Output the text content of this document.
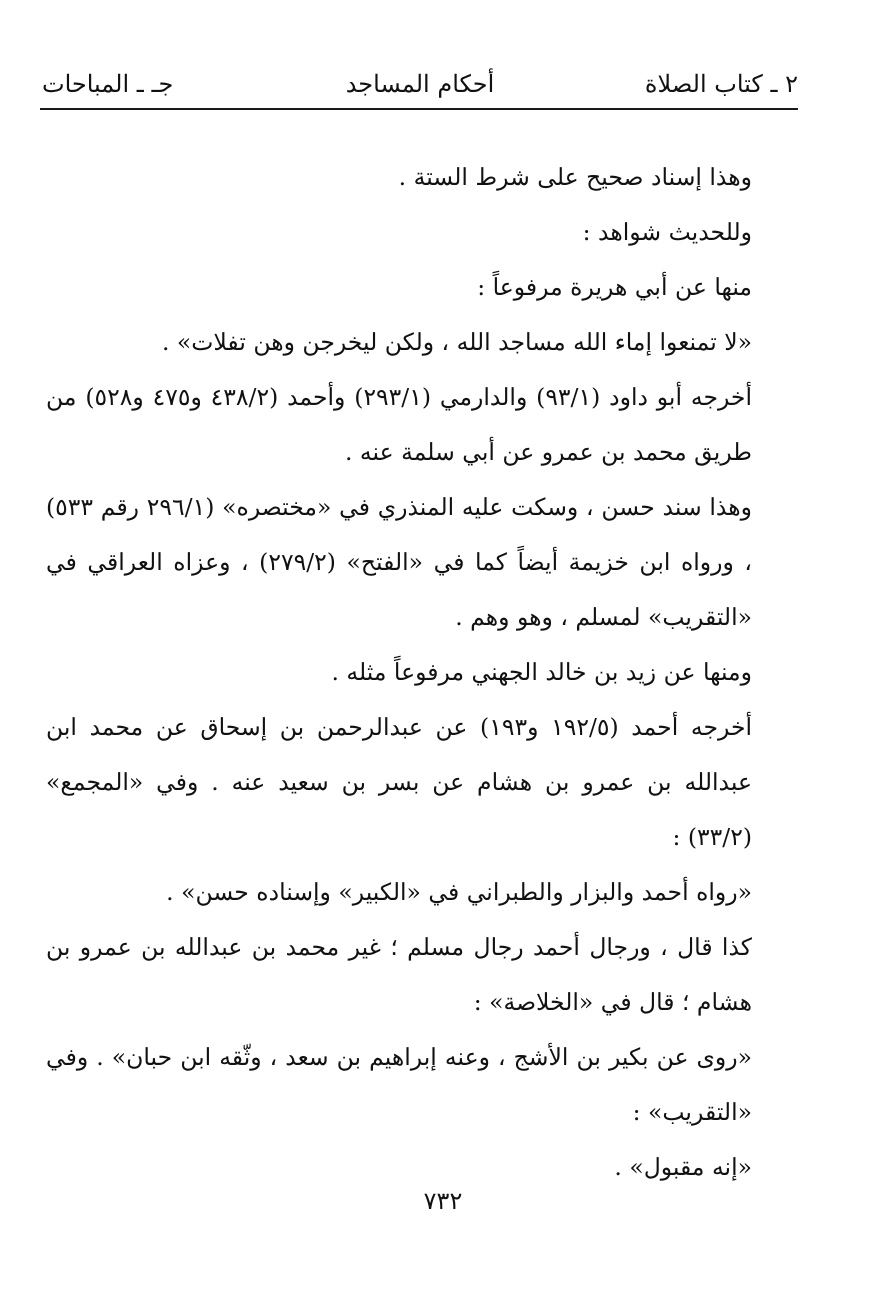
٢ ـ كتاب الصلاة
أحكام المساجد
جـ ـ المباحات

وهذا إسناد صحيح على شرط الستة .

وللحديث شواهد :

منها عن أبي هريرة مرفوعاً :

«لا تمنعوا إماء الله مساجد الله ، ولكن ليخرجن وهن تفلات» .

أخرجه أبو داود (٩٣/١) والدارمي (٢٩٣/١) وأحمد (٤٣٨/٢ و٤٧٥ و٥٢٨) من طريق محمد بن عمرو عن أبي سلمة عنه .

وهذا سند حسن ، وسكت عليه المنذري في «مختصره» (٢٩٦/١ رقم ٥٣٣) ، ورواه ابن خزيمة أيضاً كما في «الفتح» (٢٧٩/٢) ، وعزاه العراقي في «التقريب» لمسلم ، وهو وهم .

ومنها عن زيد بن خالد الجهني مرفوعاً مثله .

أخرجه أحمد (١٩٢/٥ و١٩٣) عن عبدالرحمن بن إسحاق عن محمد ابن عبدالله بن عمرو بن هشام عن بسر بن سعيد عنه . وفي «المجمع» (٣٣/٢) :

«رواه أحمد والبزار والطبراني في «الكبير» وإسناده حسن» .

كذا قال ، ورجال أحمد رجال مسلم ؛ غير محمد بن عبدالله بن عمرو بن هشام ؛ قال في «الخلاصة» :

«روى عن بكير بن الأشج ، وعنه إبراهيم بن سعد ، وثّقه ابن حبان» . وفي «التقريب» :

«إنه مقبول» .

٧٣٢
